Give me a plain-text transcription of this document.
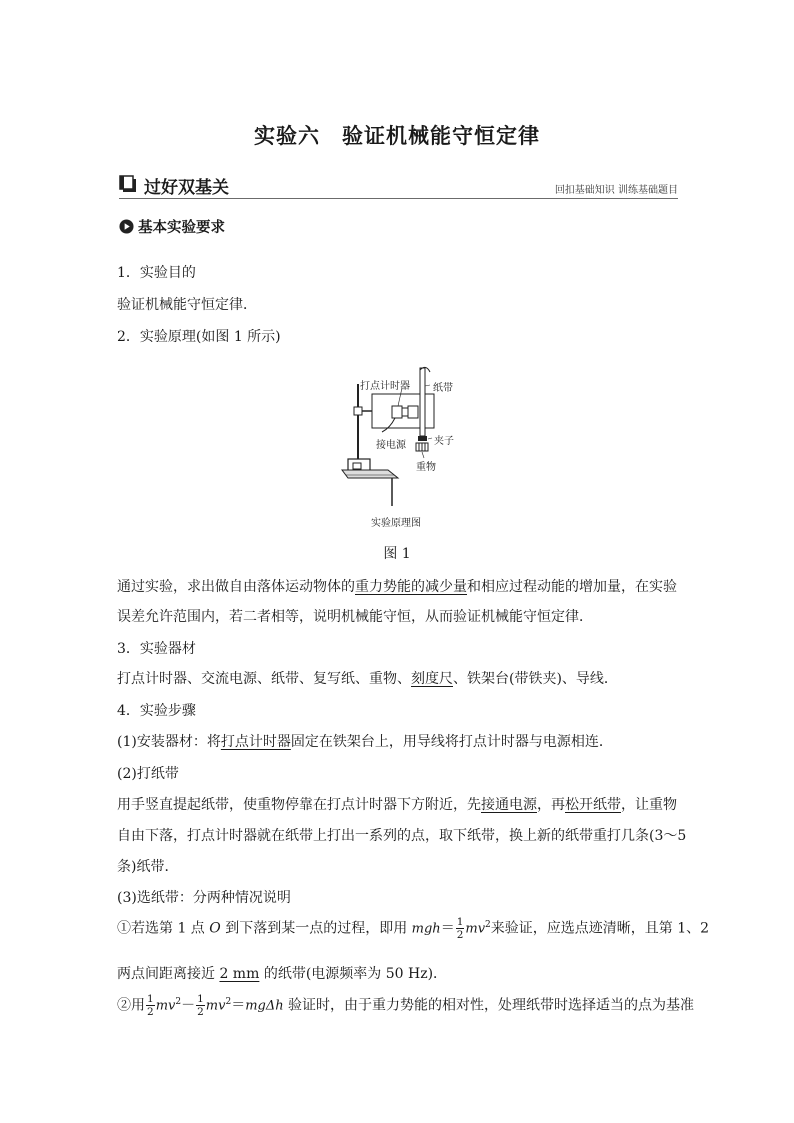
实验六 验证机械能守恒定律
过好双基关	回扣基础知识 训练基础题目
基本实验要求
1．实验目的
验证机械能守恒定律．
2．实验原理(如图 1 所示)
打点计时器 纸带
接电源	夹子
重物
实验原理图
图 1
通过实验，求出做自由落体运动物体的重力势能的减少量和相应过程动能的增加量，在实验
误差允许范围内，若二者相等，说明机械能守恒，从而验证机械能守恒定律．
3．实验器材
打点计时器、交流电源、纸带、复写纸、重物、刻度尺、铁架台(带铁夹)、导线．
4．实验步骤
(1)安装器材：将打点计时器固定在铁架台上，用导线将打点计时器与电源相连．
(2)打纸带
用手竖直提起纸带，使重物停靠在打点计时器下方附近，先接通电源，再松开纸带，让重物
自由下落，打点计时器就在纸带上打出一系列的点，取下纸带，换上新的纸带重打几条(3～5
条)纸带．
(3)选纸带：分两种情况说明
①若选第 1 点 O 到下落到某一点的过程，即用 $mgh= \frac{1}{2} mv^2$来验证，应选点迹清晰，且第 1、2
两点间距离接近 2 mm 的纸带(电源频率为 50 Hz)．
②用 $\frac{1}{2} mv^2- \frac{1}{2} mv^2=mg\Delta h$ 验证时，由于重力势能的相对性，处理纸带时选择适当的点为基准
